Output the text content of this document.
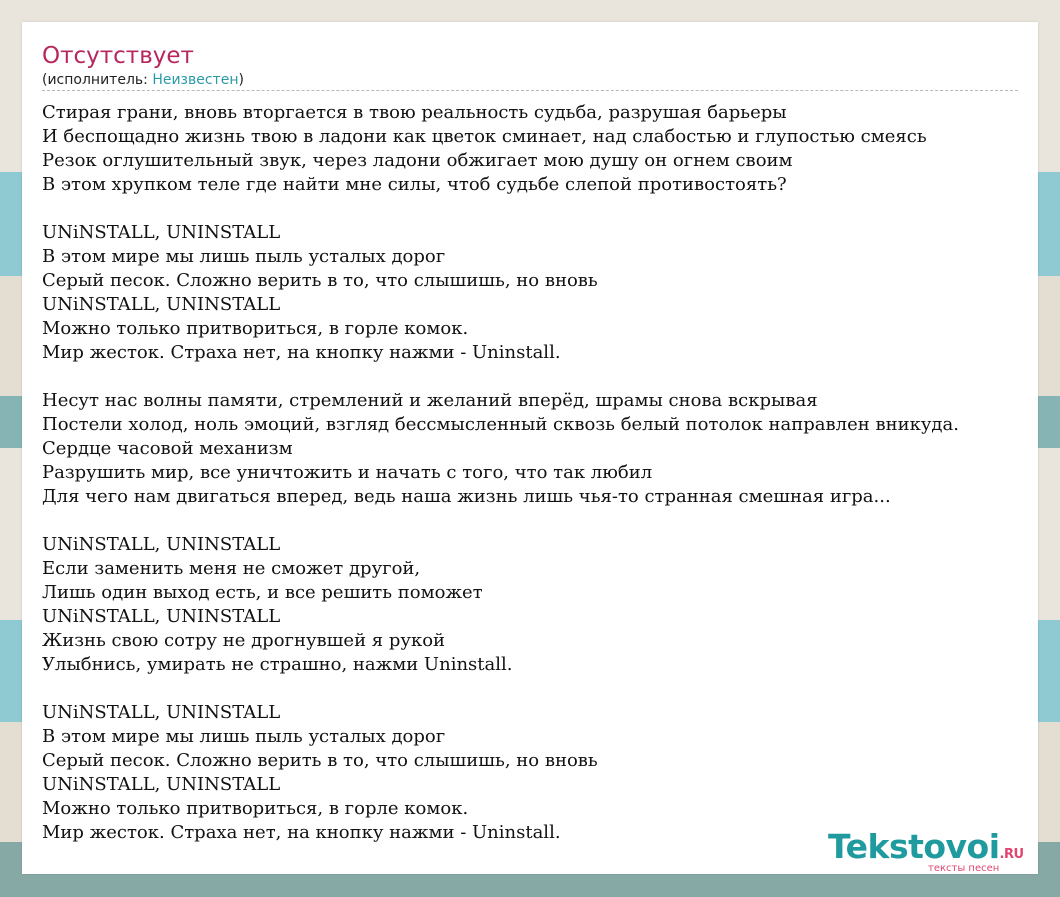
Отсутствует
(исполнитель: Неизвестен)
Стирая грани, вновь вторгается в твою реальность судьба, разрушая барьеры
И беспощадно жизнь твою в ладони как цветок сминает, над слабостью и глупостью смеясь
Резок оглушительный звук, через ладони обжигает мою душу он огнем своим
В этом хрупком теле где найти мне силы, чтоб судьбе слепой противостоять?
UNiNSTALL, UNINSTALL
В этом мире мы лишь пыль усталых дорог
Серый песок. Сложно верить в то, что слышишь, но вновь
UNiNSTALL, UNINSTALL
Можно только притвориться, в горле комок.
Мир жесток. Страха нет, на кнопку нажми - Uninstall.
Несут нас волны памяти, стремлений и желаний вперёд, шрамы снова вскрывая
Постели холод, ноль эмоций, взгляд бессмысленный сквозь белый потолок направлен вникуда.
Сердце часовой механизм
Разрушить мир, все уничтожить и начать с того, что так любил
Для чего нам двигаться вперед, ведь наша жизнь лишь чья-то странная смешная игра...
UNiNSTALL, UNINSTALL
Если заменить меня не сможет другой,
Лишь один выход есть, и все решить поможет
UNiNSTALL, UNINSTALL
Жизнь свою сотру не дрогнувшей я рукой
Улыбнись, умирать не страшно, нажми Uninstall.
UNiNSTALL, UNINSTALL
В этом мире мы лишь пыль усталых дорог
Серый песок. Сложно верить в то, что слышишь, но вновь
UNiNSTALL, UNINSTALL
Можно только притвориться, в горле комок.
Мир жесток. Страха нет, на кнопку нажми - Uninstall.	Tekstovoi.RU
тексты песен
